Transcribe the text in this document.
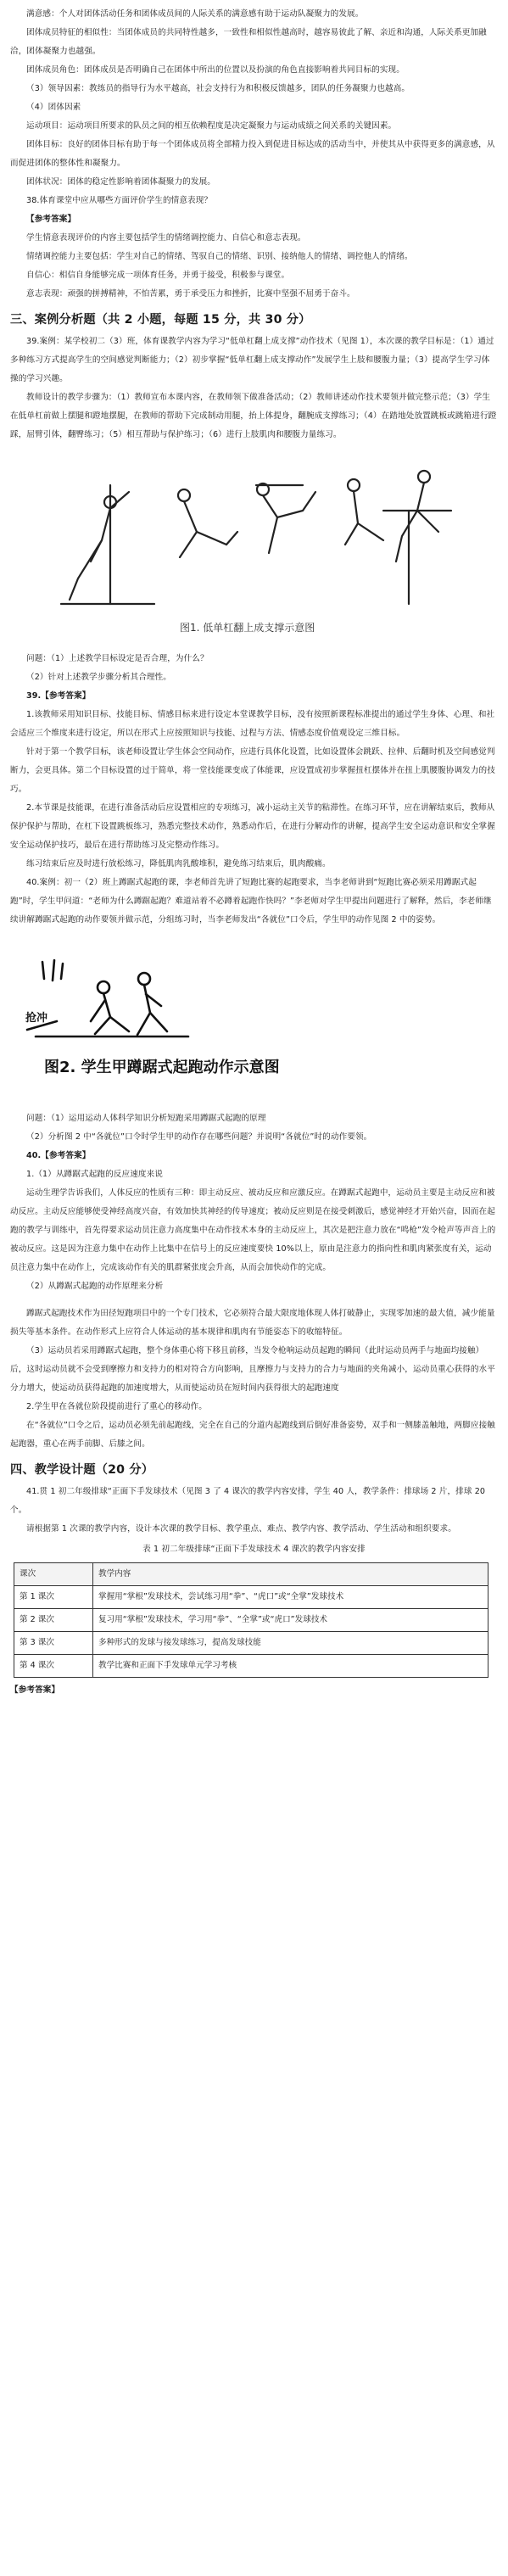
满意感：个人对团体活动任务和团体成员间的人际关系的满意感有助于运动队凝聚力的发展。

团体成员特征的相似性：当团体成员的共同特性越多，一致性和相似性越高时，越容易彼此了解、亲近和沟通，人际关系更加融洽，团体凝聚力也越强。

团体成员角色：团体成员是否明确自己在团体中所出的位置以及扮演的角色直接影响着共同目标的实现。

（3）领导因素：教练员的指导行为水平越高，社会支持行为和积极反馈越多，团队的任务凝聚力也越高。

（4）团体因素

运动项目：运动项目所要求的队员之间的相互依赖程度是决定凝聚力与运动成绩之间关系的关键因素。

团体目标：良好的团体目标有助于每一个团体成员将全部精力投入到促进目标达成的活动当中，并使其从中获得更多的满意感，从而促进团体的整体性和凝聚力。

团体状况：团体的稳定性影响着团体凝聚力的发展。

38.体育课堂中应从哪些方面评价学生的情意表现？

【参考答案】

学生情意表现评价的内容主要包括学生的情绪调控能力、自信心和意志表现。

情绪调控能力主要包括：学生对自己的情绪、驾驭自己的情绪、识别、接纳他人的情绪、调控他人的情绪。

自信心：相信自身能够完成一项体育任务，并勇于接受，积极参与课堂。

意志表现：顽强的拼搏精神，不怕苦累，勇于承受压力和挫折，比赛中坚强不屈勇于奋斗。

三、案例分析题（共 2 小题，每题 15 分，共 30 分）

39.案例：某学校初二（3）班，体育课教学内容为学习“低单杠翻上成支撑”动作技术（见图 1），本次课的教学目标是：（1）通过多种练习方式提高学生的空间感觉判断能力；（2）初步掌握“低单杠翻上成支撑动作”发展学生上肢和腰腹力量；（3）提高学生学习体操的学习兴趣。

教师设计的教学步骤为：（1）教师宣布本课内容，在教师领下做准备活动；（2）教师讲述动作技术要领并做完整示范；（3）学生在低单杠前做上摆腿和蹬地摆腿，在教师的帮助下完成制动用腿，抬上体提身，翻腕成支撑练习；（4）在踏地处放置跳板或跳箱进行蹬踩，屈臂引体，翻臀练习；（5）相互帮助与保护练习；（6）进行上肢肌肉和腰腹力量练习。

图1. 低单杠翻上成支撑示意图

问题：（1）上述教学目标设定是否合理，为什么？

（2）针对上述教学步骤分析其合理性。

39.【参考答案】

1.该教师采用知识目标、技能目标、情感目标来进行设定本堂课教学目标，没有按照新课程标准提出的通过学生身体、心理、和社会适应三个维度来进行设定，所以在形式上应按照知识与技能、过程与方法、情感态度价值观设定三维目标。

针对于第一个教学目标，该老师设置让学生体会空间动作，应进行具体化设置，比如设置体会跳跃、拉伸、后翻时机及空间感觉判断力，会更具体。第二个目标设置的过于简单，将一堂技能课变成了体能课，应设置成初步掌握扭杠摆体并在扭上肌腰腹协调发力的技巧。

2.本节课是技能课，在进行准备活动后应设置相应的专项练习，减小运动主关节的粘滞性。在练习环节，应在讲解结束后，教师从保护保护与帮助，在杠下设置跳板练习，熟悉完整技术动作，熟悉动作后，在进行分解动作的讲解，提高学生安全运动意识和安全掌握安全运动保护技巧，最后在进行帮助练习及完整动作练习。

练习结束后应及时进行放松练习，降低肌肉乳酸堆积，避免练习结束后，肌肉酸痛。

40.案例：初一（2）班上蹲踞式起跑的课，李老师首先讲了短跑比赛的起跑要求，当李老师讲到“短跑比赛必须采用蹲踞式起跑”时，学生甲问道：“老师为什么蹲踞起跑？难道站着不必蹲着起跑作快吗？”李老师对学生甲提出问题进行了解释，然后，李老师继续讲解蹲踞式起跑的动作要领并做示范，分组练习时，当李老师发出“各就位”口令后，学生甲的动作见图 2 中的姿势。

抢冲
图2. 学生甲蹲踞式起跑动作示意图

问题：（1）运用运动人体科学知识分析短跑采用蹲踞式起跑的原理

（2）分析图 2 中“各就位”口令时学生甲的动作存在哪些问题？并说明“各就位”时的动作要领。

40.【参考答案】

1.（1）从蹲踞式起跑的反应速度来说

运动生理学告诉我们，人体反应的性质有三种：即主动反应、被动反应和应激反应。在蹲踞式起跑中，运动员主要是主动反应和被动反应。主动反应能够使受神经高度兴奋，有效加快其神经的传导速度；被动反应则是在接受刺激后，感觉神经才开始兴奋，因而在起跑的教学与训练中，首先得要求运动员注意力高度集中在动作技术本身的主动反应上，其次是把注意力放在“鸣枪”发令枪声等声音上的被动反应。这是因为注意力集中在动作上比集中在信号上的反应速度要快 10%以上，原由是注意力的指向性和肌肉紧张度有关，运动员注意力集中在动作上，完成该动作有关的肌群紧张度会升高，从而会加快动作的完成。

（2）从蹲踞式起跑的动作原理来分析

蹲踞式起跑技术作为田径短跑项目中的一个专门技术，它必须符合最大限度地体现人体打破静止，实现零加速的最大值，减少能量损失等基本条件。在动作形式上应符合人体运动的基本规律和肌肉有节能姿态下的收缩特征。

（3）运动员若采用蹲踞式起跑，整个身体重心将下移且前移，当发令枪响运动员起跑的瞬间（此时运动员两手与地面均接触）后，这时运动员就不会受到摩擦力和支持力的相对符合方向影响，且摩擦力与支持力的合力与地面的夹角减小，运动员重心获得的水平分力增大，使运动员获得起跑的加速度增大，从而使运动员在短时间内获得很大的起跑速度

2.学生甲在各就位阶段提前进行了重心的移动作。

在“各就位”口令之后，运动员必须先前起跑线，完全在自己的分道内起跑线到后倒好准备姿势，双手和一侧膝盖触地，两脚应接触起跑器，重心在两手前脚、后膝之间。

四、教学设计题（20 分）

41.贯 1 初二年级排球“正面下手发球技术（见图 3 了 4 课次的教学内容安排，学生 40 人，教学条件：排球场 2 片，排球 20 个。

请根据第 1 次课的教学内容，设计本次课的教学目标、教学重点、难点、教学内容、教学活动、学生活动和组织要求。

表 1 初二年级排球“正面下手发球技术 4 课次的教学内容安排

课次	教学内容
第 1 课次	掌握用“掌根”发球技术，尝试练习用“拳”、“虎口”或“全掌”发球技术
第 2 课次	复习用“掌根”发球技术，学习用“拳”、“全掌”或“虎口”发球技术
第 3 课次	多种形式的发球与接发球练习，提高发球技能
第 4 课次	教学比赛和正面下手发球单元学习考核

【参考答案】
